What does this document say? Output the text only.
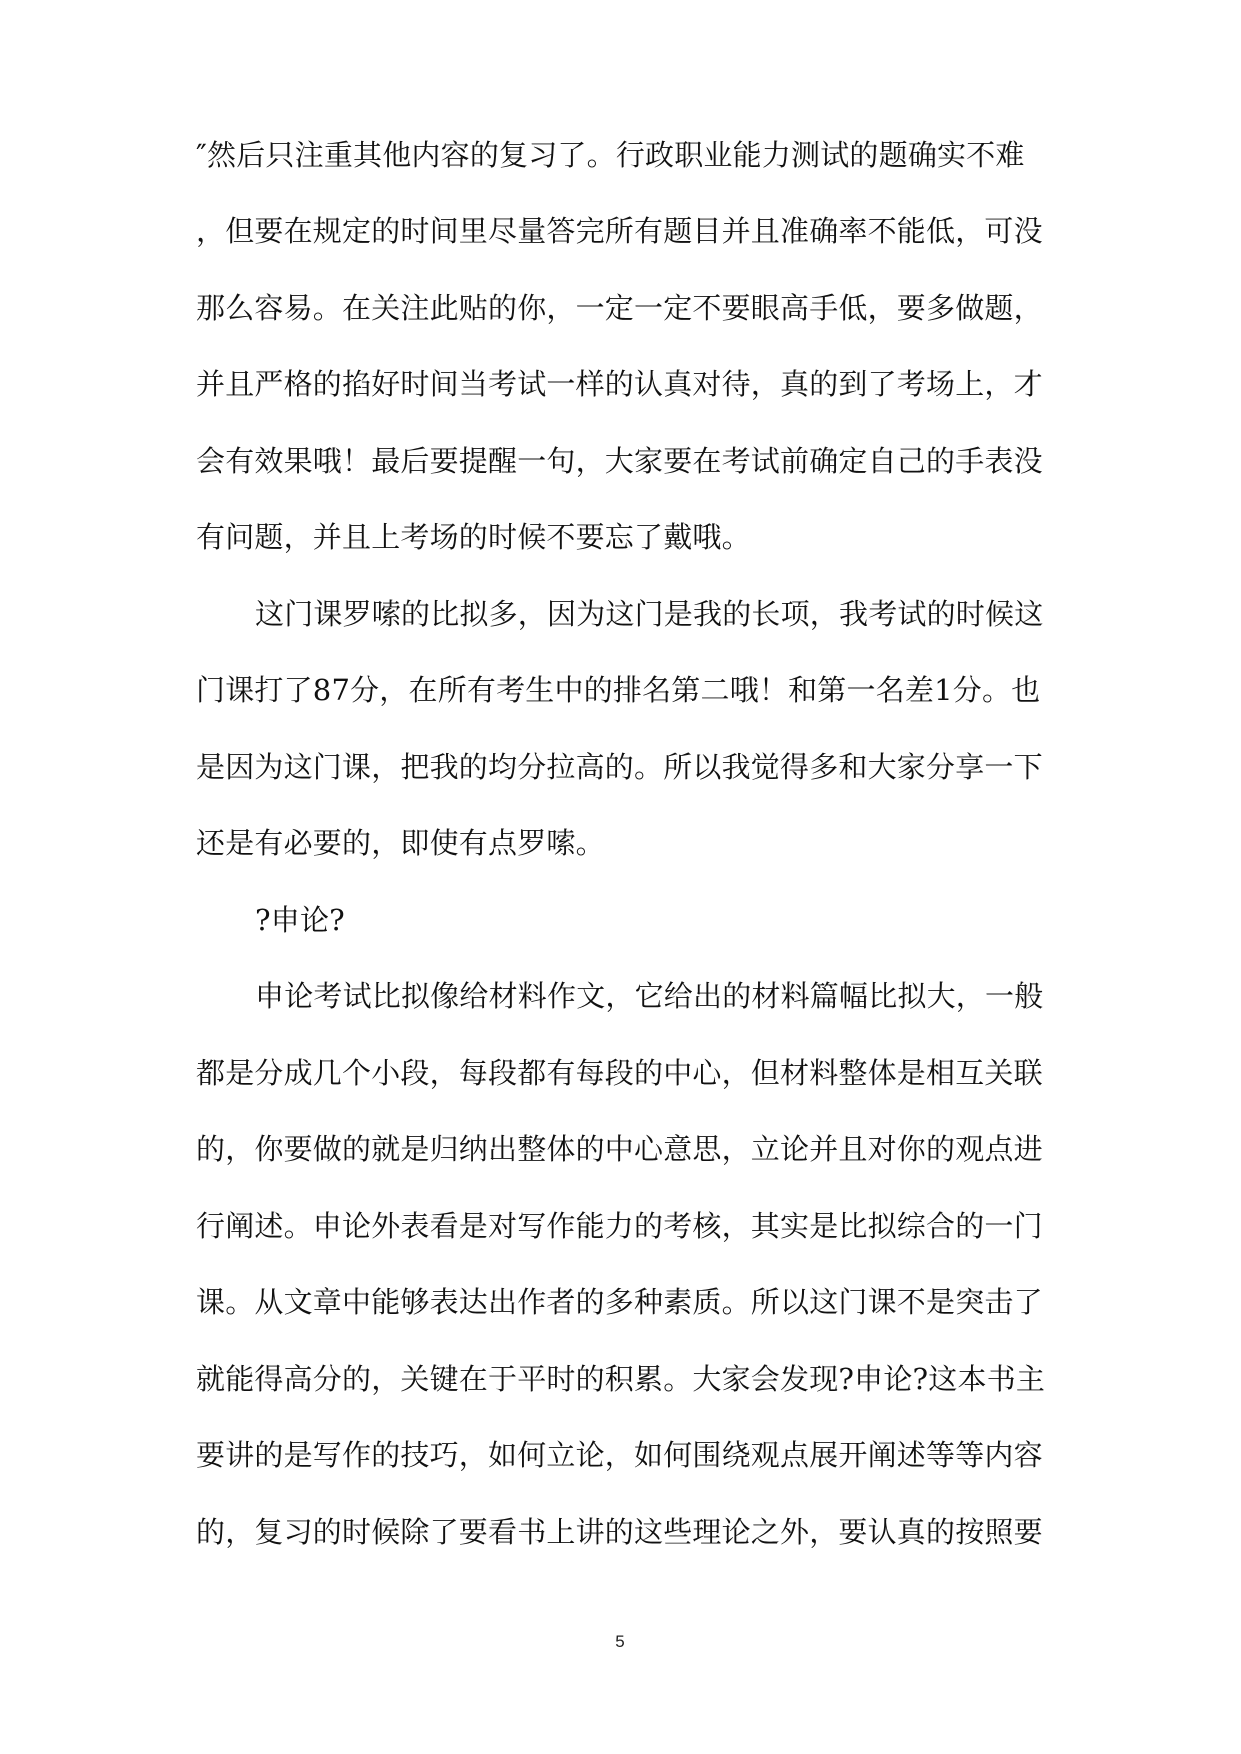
″然后只注重其他内容的复习了。行政职业能力测试的题确实不难
，但要在规定的时间里尽量答完所有题目并且准确率不能低，可没
那么容易。在关注此贴的你，一定一定不要眼高手低，要多做题，
并且严格的掐好时间当考试一样的认真对待，真的到了考场上，才
会有效果哦！最后要提醒一句，大家要在考试前确定自己的手表没
有问题，并且上考场的时候不要忘了戴哦。
这门课罗嗦的比拟多，因为这门是我的长项，我考试的时候这
门课打了87分，在所有考生中的排名第二哦！和第一名差1分。也
是因为这门课，把我的均分拉高的。所以我觉得多和大家分享一下
还是有必要的，即使有点罗嗦。
?申论?
申论考试比拟像给材料作文，它给出的材料篇幅比拟大，一般
都是分成几个小段，每段都有每段的中心，但材料整体是相互关联
的，你要做的就是归纳出整体的中心意思，立论并且对你的观点进
行阐述。申论外表看是对写作能力的考核，其实是比拟综合的一门
课。从文章中能够表达出作者的多种素质。所以这门课不是突击了
就能得高分的，关键在于平时的积累。大家会发现?申论?这本书主
要讲的是写作的技巧，如何立论，如何围绕观点展开阐述等等内容
的，复习的时候除了要看书上讲的这些理论之外，要认真的按照要
5
